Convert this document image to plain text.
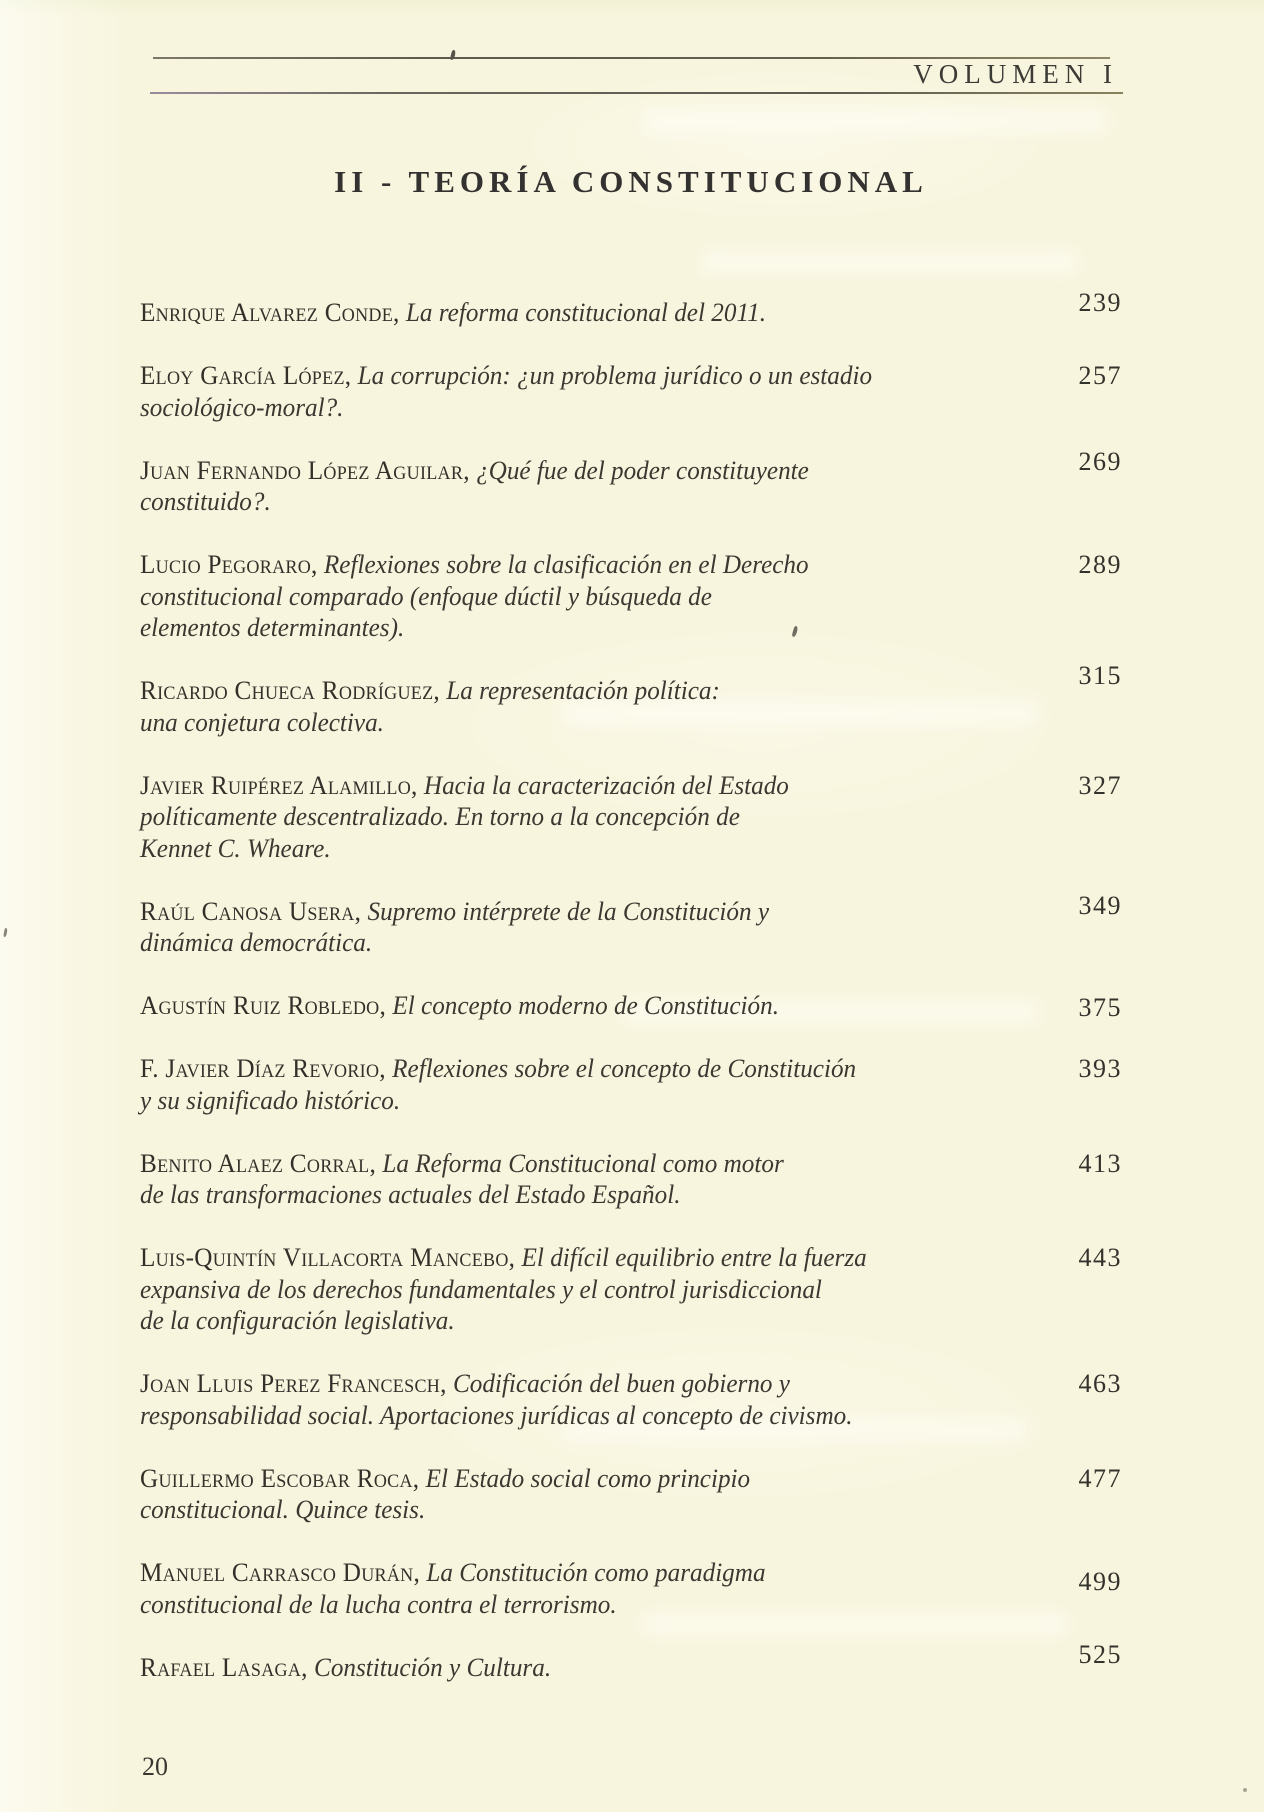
VOLUMEN I
II - TEORÍA CONSTITUCIONAL
Enrique Alvarez Conde, La reforma constitucional del 2011.	239
Eloy García López, La corrupción: ¿un problema jurídico o un estadio
sociológico-moral?.
257
Juan Fernando López Aguilar, ¿Qué fue del poder constituyente
constituido?.
269
Lucio Pegoraro, Reflexiones sobre la clasificación en el Derecho
constitucional comparado (enfoque dúctil y búsqueda de
elementos determinantes).
289
Ricardo Chueca Rodríguez, La representación política:
una conjetura colectiva.
315
Javier Ruipérez Alamillo, Hacia la caracterización del Estado
políticamente descentralizado. En torno a la concepción de
Kennet C. Wheare.
327
Raúl Canosa Usera, Supremo intérprete de la Constitución y
dinámica democrática.
349
Agustín Ruiz Robledo, El concepto moderno de Constitución.	375
F. Javier Díaz Revorio, Reflexiones sobre el concepto de Constitución
y su significado histórico.
393
Benito Alaez Corral, La Reforma Constitucional como motor
de las transformaciones actuales del Estado Español.
413
Luis-Quintín Villacorta Mancebo, El difícil equilibrio entre la fuerza
expansiva de los derechos fundamentales y el control jurisdiccional
de la configuración legislativa.
443
Joan Lluis Perez Francesch, Codificación del buen gobierno y
responsabilidad social. Aportaciones jurídicas al concepto de civismo.
463
Guillermo Escobar Roca, El Estado social como principio
constitucional. Quince tesis.
477
Manuel Carrasco Durán, La Constitución como paradigma
constitucional de la lucha contra el terrorismo.
499
Rafael Lasaga, Constitución y Cultura.	525
20
